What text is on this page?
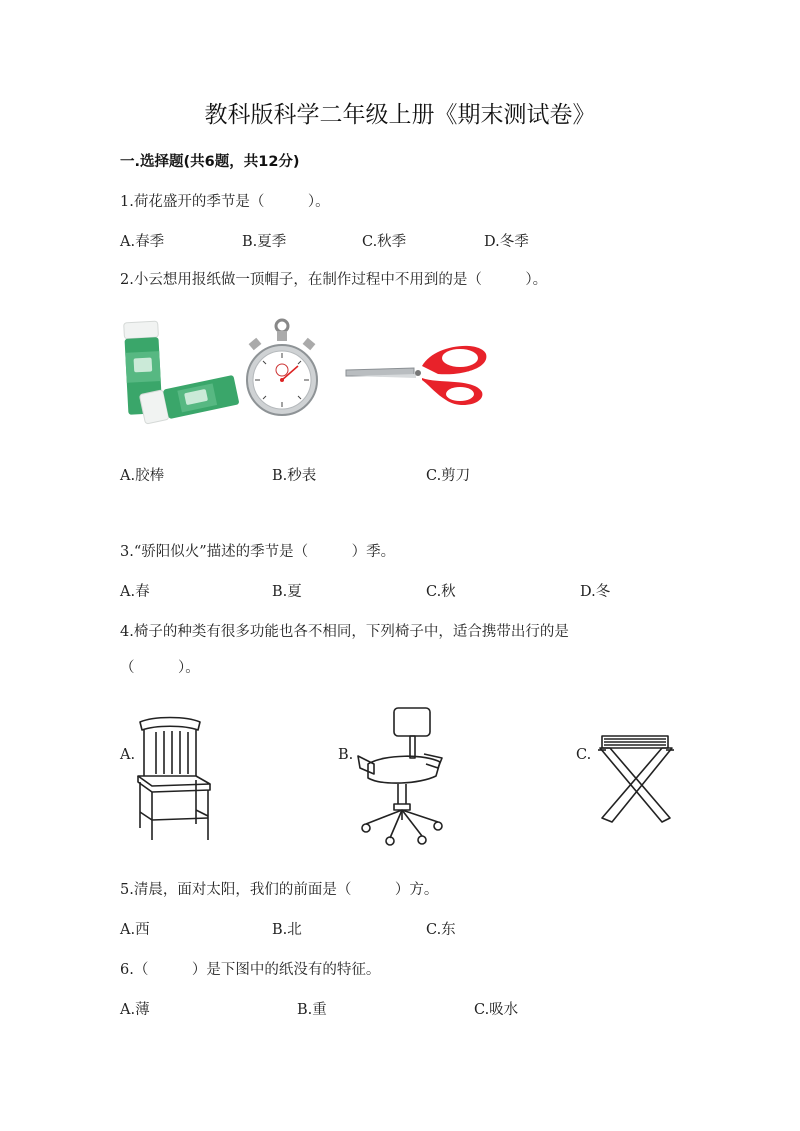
教科版科学二年级上册《期末测试卷》
一.选择题(共6题，共12分)
1.荷花盛开的季节是（　　　）。
A.春季	B.夏季	C.秋季	D.冬季
2.小云想用报纸做一顶帽子，在制作过程中不用到的是（　　　）。
A.胶棒	B.秒表	C.剪刀
3.“骄阳似火”描述的季节是（　　　）季。
A.春	B.夏	C.秋	D.冬
4.椅子的种类有很多功能也各不相同，下列椅子中，适合携带出行的是
（　　　）。
A.	B.	C.
5.清晨，面对太阳，我们的前面是（　　　）方。
A.西	B.北	C.东
6.（　　　）是下图中的纸没有的特征。
A.薄	B.重	C.吸水
